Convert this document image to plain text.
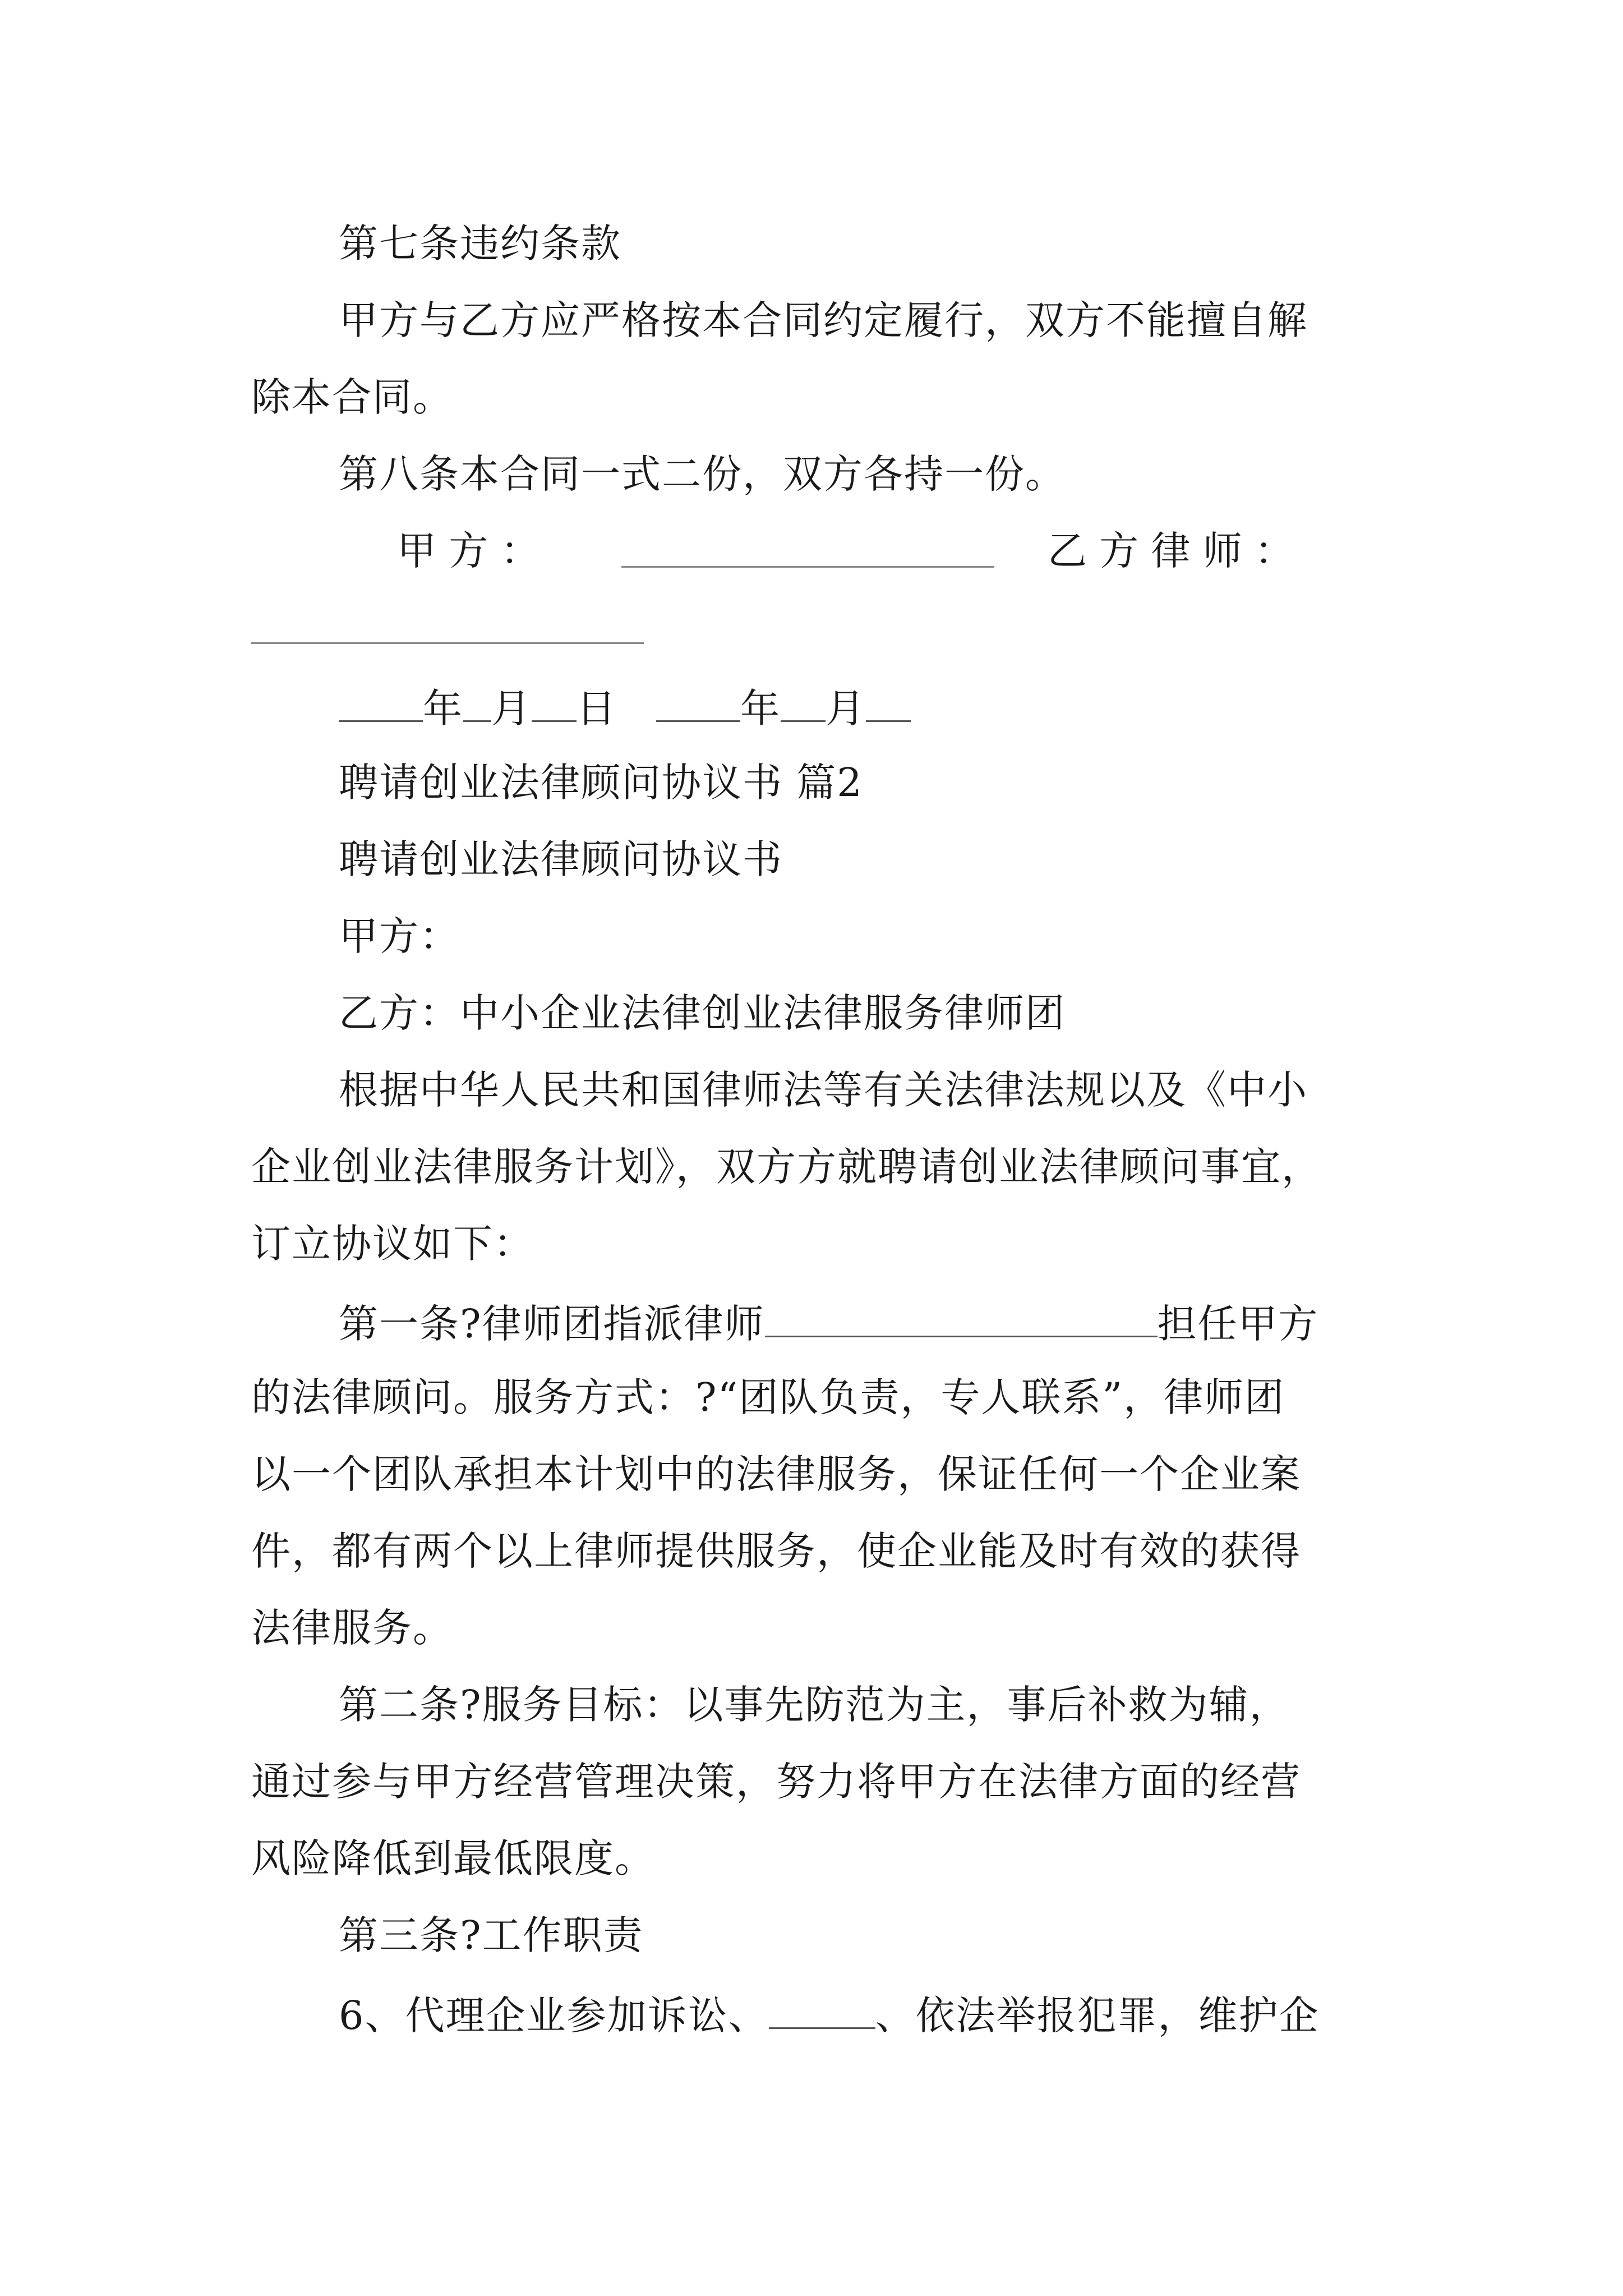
第七条违约条款
甲方与乙方应严格按本合同约定履行，双方不能擅自解
除本合同。
第八条本合同一式二份，双方各持一份。
甲 方 ：	乙 方 律 师 ：
年 月 日	年 月
聘请创业法律顾问协议书 篇2
聘请创业法律顾问协议书
甲方：
乙方：中小企业法律创业法律服务律师团
根据中华人民共和国律师法等有关法律法规以及《中小
企业创业法律服务计划》，双方方就聘请创业法律顾问事宜，
订立协议如下：
第一条?律师团指派律师	担任甲方
的法律顾问。服务方式：?“团队负责，专人联系”，律师团
以一个团队承担本计划中的法律服务，保证任何一个企业案
件，都有两个以上律师提供服务，使企业能及时有效的获得
法律服务。
第二条?服务目标：以事先防范为主，事后补救为辅，
通过参与甲方经营管理决策，努力将甲方在法律方面的经营
风险降低到最低限度。
第三条?工作职责
6、代理企业参加诉讼、	、依法举报犯罪，维护企
